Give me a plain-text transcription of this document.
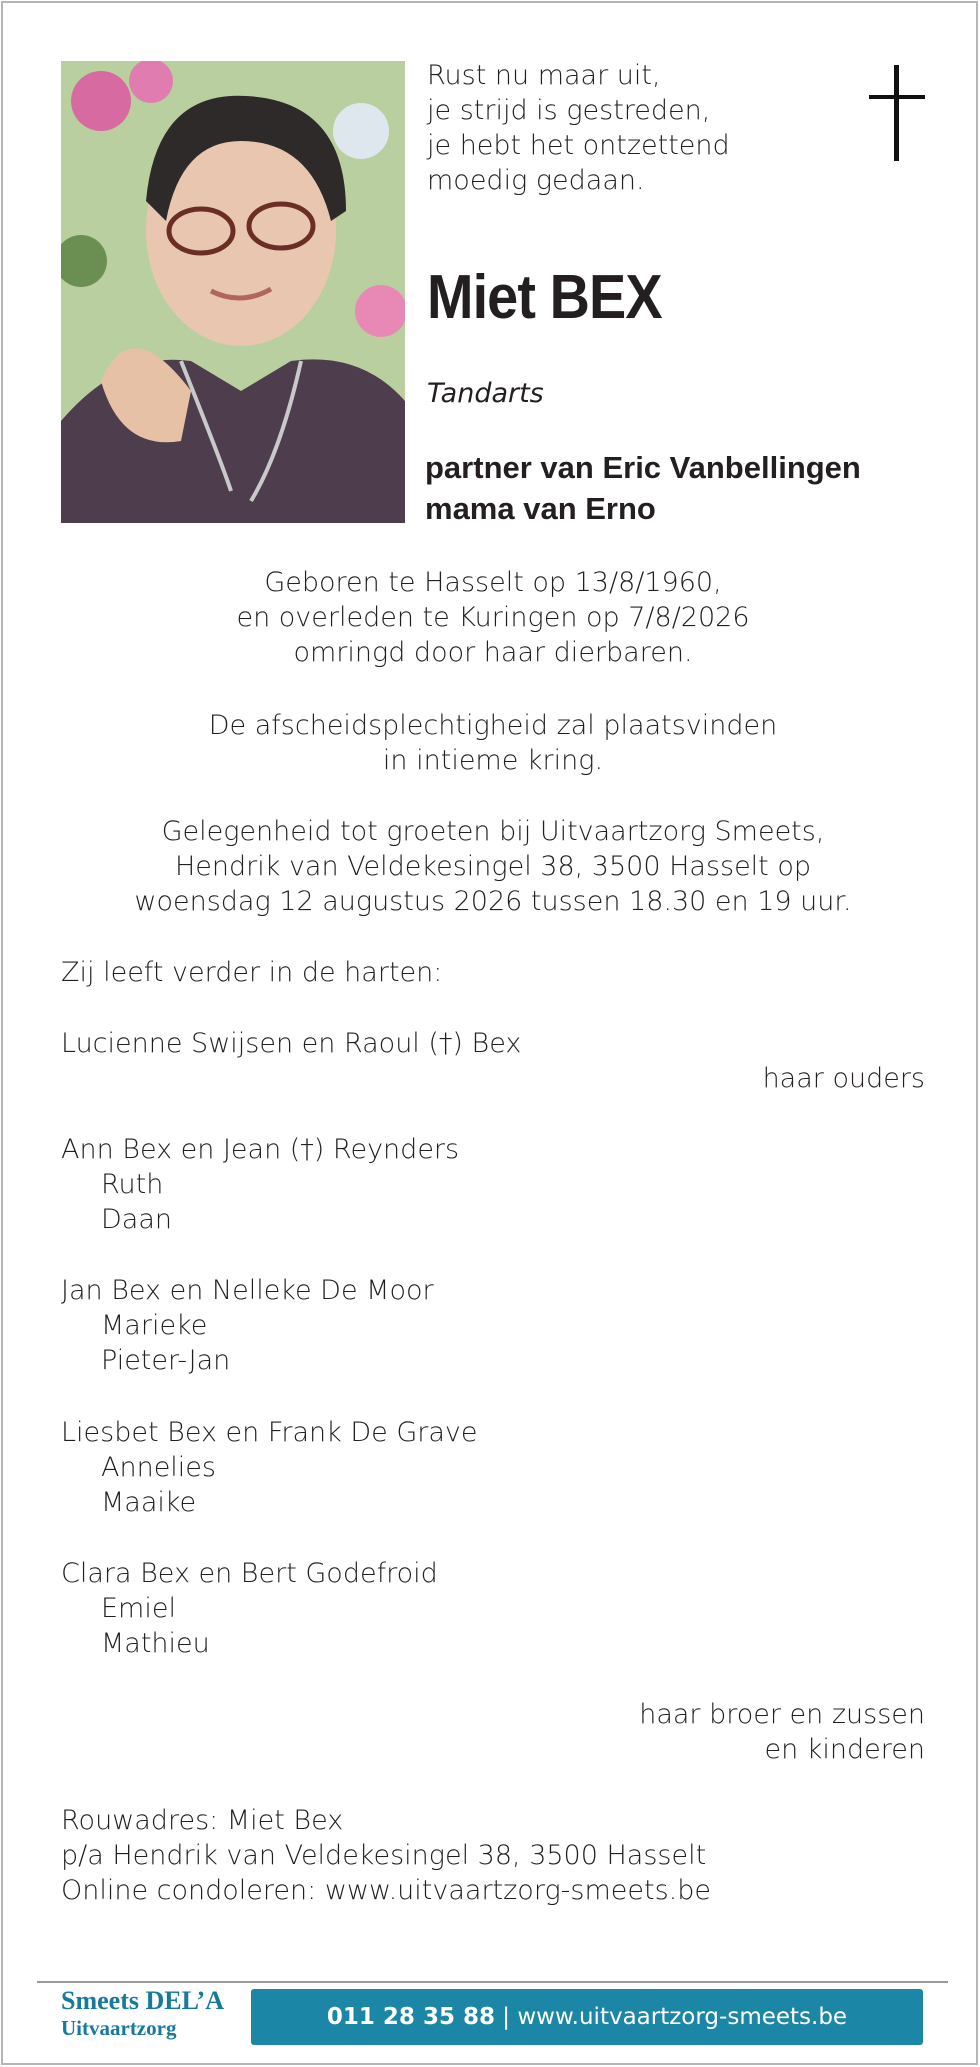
Rust nu maar uit,
je strijd is gestreden,
je hebt het ontzettend
moedig gedaan.
Miet BEX
Tandarts
partner van Eric Vanbellingen
mama van Erno
Geboren te Hasselt op 13/8/1960,
en overleden te Kuringen op 7/8/2026
omringd door haar dierbaren.
De afscheidsplechtigheid zal plaatsvinden
in intieme kring.
Gelegenheid tot groeten bij Uitvaartzorg Smeets,
Hendrik van Veldekesingel 38, 3500 Hasselt op
woensdag 12 augustus 2026 tussen 18.30 en 19 uur.
Zij leeft verder in de harten:
Lucienne Swijsen en Raoul (†) Bex
haar ouders
Ann Bex en Jean (†) Reynders
Ruth
Daan
Jan Bex en Nelleke De Moor
Marieke
Pieter-Jan
Liesbet Bex en Frank De Grave
Annelies
Maaike
Clara Bex en Bert Godefroid
Emiel
Mathieu
haar broer en zussen
en kinderen
Rouwadres: Miet Bex
p/a Hendrik van Veldekesingel 38, 3500 Hasselt
Online condoleren: www.uitvaartzorg-smeets.be
Smeets DEL’A
Uitvaartzorg	011 28 35 88 | www.uitvaartzorg-smeets.be
